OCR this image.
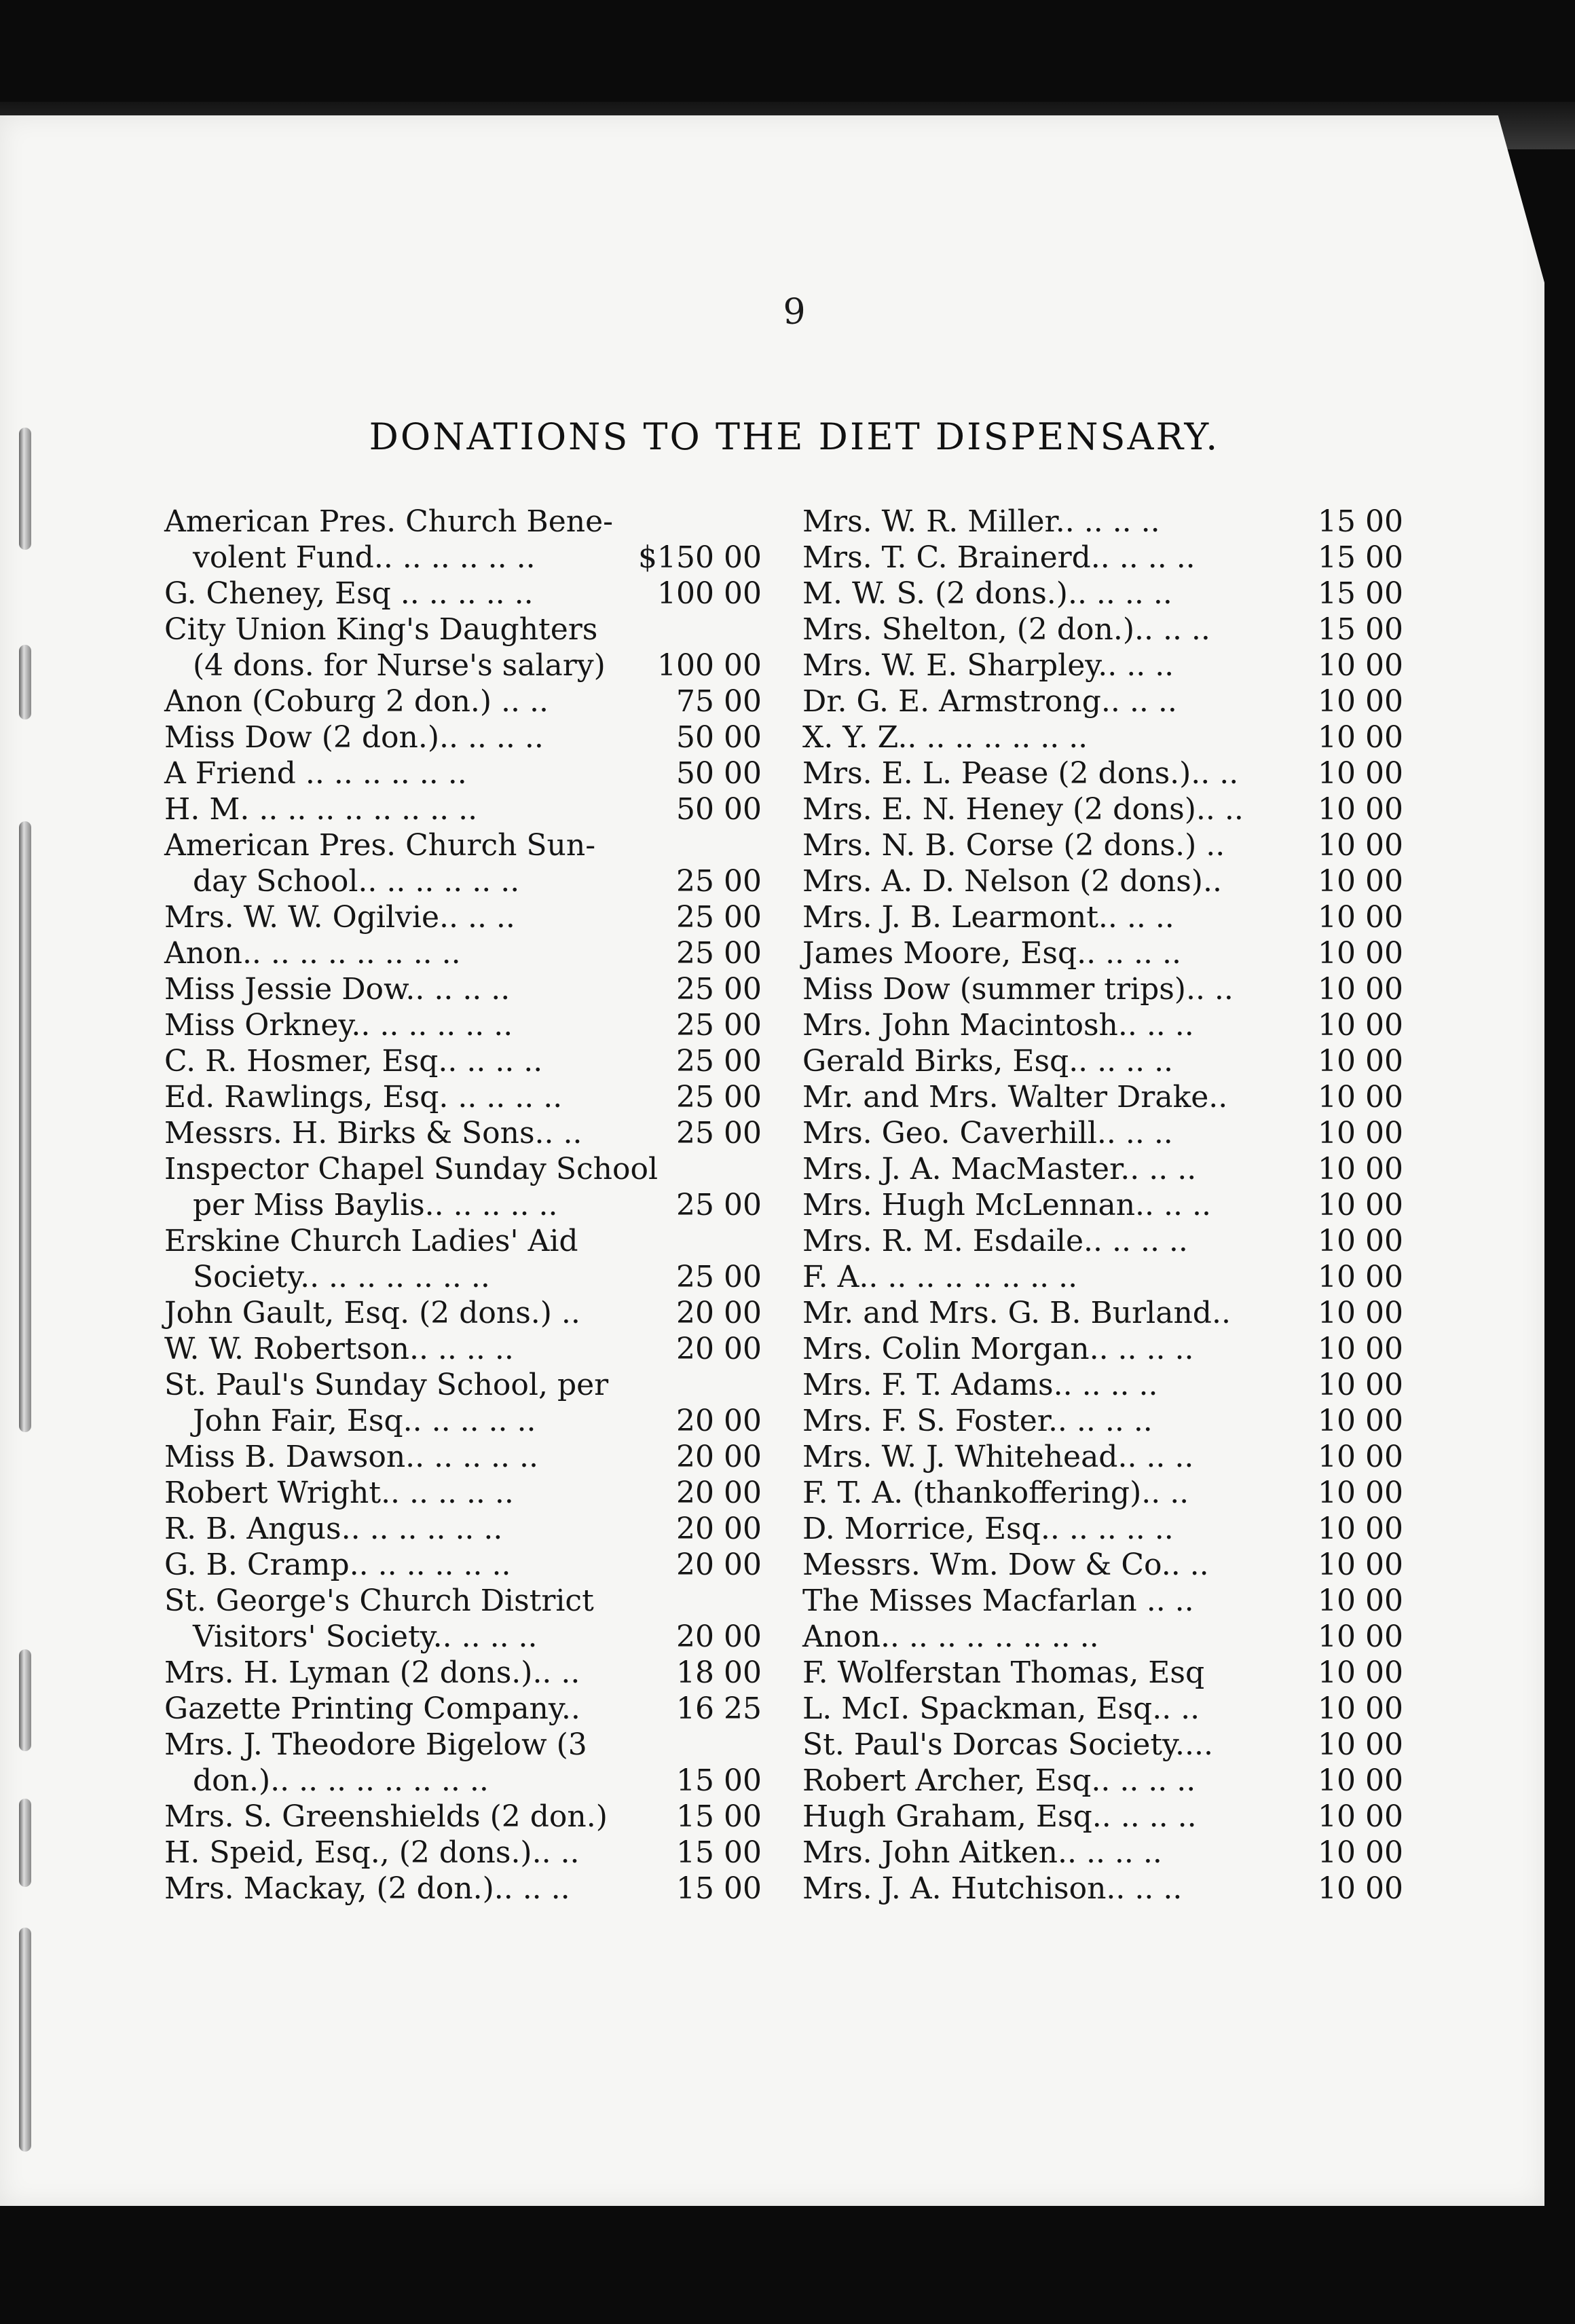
9
DONATIONS TO THE DIET DISPENSARY.
American Pres. Church Bene-
volent Fund.. .. .. .. .. ..	$150 00
G. Cheney, Esq .. .. .. .. ..	100 00
City Union King's Daughters
(4 dons. for Nurse's salary) 100 00
Anon (Coburg 2 don.) .. ..	75 00
Miss Dow (2 don.).. .. .. ..	50 00
A Friend .. .. .. .. .. ..	50 00
H. M. .. .. .. .. .. .. .. ..	50 00
American Pres. Church Sun-
day School.. .. .. .. .. ..	25 00
Mrs. W. W. Ogilvie.. .. ..	25 00
Anon.. .. .. .. .. .. .. ..	25 00
Miss Jessie Dow.. .. .. ..	25 00
Miss Orkney.. .. .. .. .. ..	25 00
C. R. Hosmer, Esq.. .. .. ..	25 00
Ed. Rawlings, Esq. .. .. .. ..	25 00
Messrs. H. Birks & Sons.. ..	25 00
Inspector Chapel Sunday School
per Miss Baylis.. .. .. .. ..	25 00
Erskine Church Ladies' Aid
Society.. .. .. .. .. .. ..	25 00
John Gault, Esq. (2 dons.) ..	20 00
W. W. Robertson.. .. .. ..	20 00
St. Paul's Sunday School, per
John Fair, Esq.. .. .. .. ..	20 00
Miss B. Dawson.. .. .. .. ..	20 00
Robert Wright.. .. .. .. ..	20 00
R. B. Angus.. .. .. .. .. ..	20 00
G. B. Cramp.. .. .. .. .. ..	20 00
St. George's Church District
Visitors' Society.. .. .. ..	20 00
Mrs. H. Lyman (2 dons.).. ..	18 00
Gazette Printing Company..	16 25
Mrs. J. Theodore Bigelow (3
don.).. .. .. .. .. .. .. ..	15 00
Mrs. S. Greenshields (2 don.) 15 00
H. Speid, Esq., (2 dons.).. ..	15 00
Mrs. Mackay, (2 don.).. .. ..	15 00
Mrs. W. R. Miller.. .. .. ..	15 00
Mrs. T. C. Brainerd.. .. .. ..	15 00
M. W. S. (2 dons.).. .. .. ..	15 00
Mrs. Shelton, (2 don.).. .. ..	15 00
Mrs. W. E. Sharpley.. .. ..	10 00
Dr. G. E. Armstrong.. .. ..	10 00
X. Y. Z.. .. .. .. .. .. ..	10 00
Mrs. E. L. Pease (2 dons.).. ..	10 00
Mrs. E. N. Heney (2 dons).. .. 10 00
Mrs. N. B. Corse (2 dons.) ..	10 00
Mrs. A. D. Nelson (2 dons)..	10 00
Mrs. J. B. Learmont.. .. ..	10 00
James Moore, Esq.. .. .. ..	10 00
Miss Dow (summer trips).. ..	10 00
Mrs. John Macintosh.. .. ..	10 00
Gerald Birks, Esq.. .. .. ..	10 00
Mr. and Mrs. Walter Drake..	10 00
Mrs. Geo. Caverhill.. .. ..	10 00
Mrs. J. A. MacMaster.. .. ..	10 00
Mrs. Hugh McLennan.. .. ..	10 00
Mrs. R. M. Esdaile.. .. .. ..	10 00
F. A.. .. .. .. .. .. .. ..	10 00
Mr. and Mrs. G. B. Burland..	10 00
Mrs. Colin Morgan.. .. .. ..	10 00
Mrs. F. T. Adams.. .. .. ..	10 00
Mrs. F. S. Foster.. .. .. ..	10 00
Mrs. W. J. Whitehead.. .. ..	10 00
F. T. A. (thankoffering).. ..	10 00
D. Morrice, Esq.. .. .. .. ..	10 00
Messrs. Wm. Dow & Co.. ..	10 00
The Misses Macfarlan .. ..	10 00
Anon.. .. .. .. .. .. .. ..	10 00
F. Wolferstan Thomas, Esq	10 00
L. McI. Spackman, Esq.. ..	10 00
St. Paul's Dorcas Society....	10 00
Robert Archer, Esq.. .. .. ..	10 00
Hugh Graham, Esq.. .. .. ..	10 00
Mrs. John Aitken.. .. .. ..	10 00
Mrs. J. A. Hutchison.. .. ..	10 00
